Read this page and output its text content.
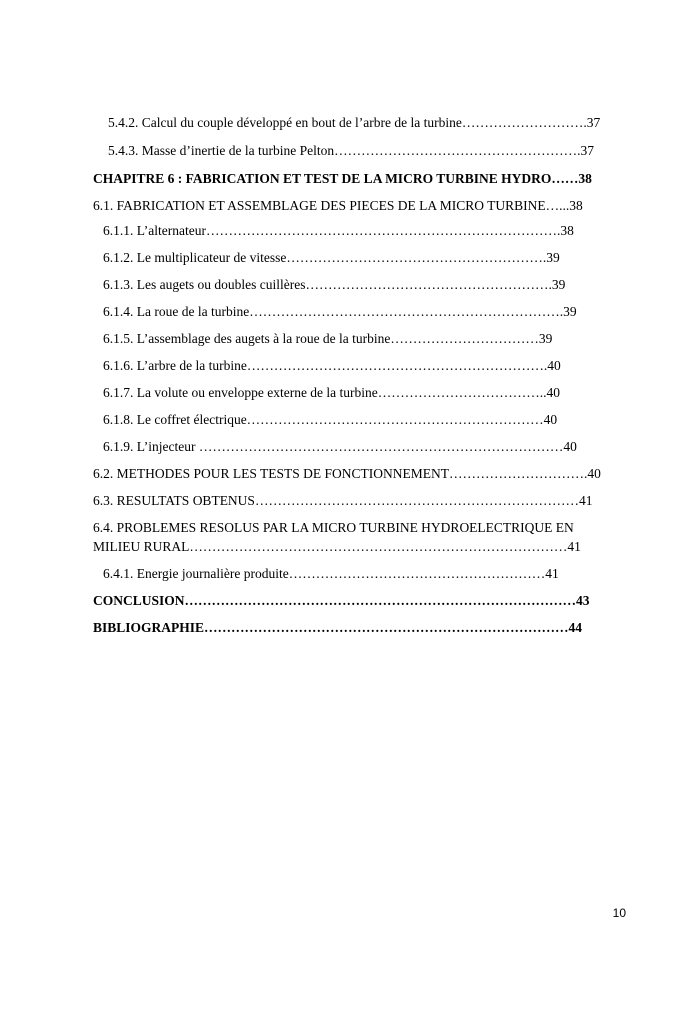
5.4.2. Calcul du couple développé en bout de l’arbre de la turbine……………………….37
5.4.3. Masse d’inertie de la turbine Pelton……………………………………………….37
CHAPITRE 6 : FABRICATION ET TEST DE LA MICRO TURBINE HYDRO……38
6.1. FABRICATION ET ASSEMBLAGE DES PIECES DE LA MICRO TURBINE…...38
6.1.1. L’alternateur…………………………………………………………………….38
6.1.2. Le multiplicateur de vitesse………………………………………………….39
6.1.3. Les augets ou doubles cuillères……………………………………………….39
6.1.4. La roue de la turbine…………………………………………………………….39
6.1.5. L’assemblage des augets à la roue de la turbine……………………………39
6.1.6. L’arbre de la turbine………………………………………………………….40
6.1.7. La volute ou enveloppe externe de la turbine………………………………..40
6.1.8. Le coffret électrique…………………………………………………………40
6.1.9. L’injecteur ………………………………………………………………………40
6.2. METHODES POUR LES TESTS DE FONCTIONNEMENT………………………….40
6.3. RESULTATS OBTENUS………………………………………………………………41
6.4. PROBLEMES RESOLUS PAR LA MICRO TURBINE HYDROELECTRIQUE EN
MILIEU RURAL…………………………………………………………………………41
6.4.1. Energie journalière produite…………………………………………………41
CONCLUSION……………………………………………………………………………43
BIBLIOGRAPHIE………………………………………………………………………44
10
